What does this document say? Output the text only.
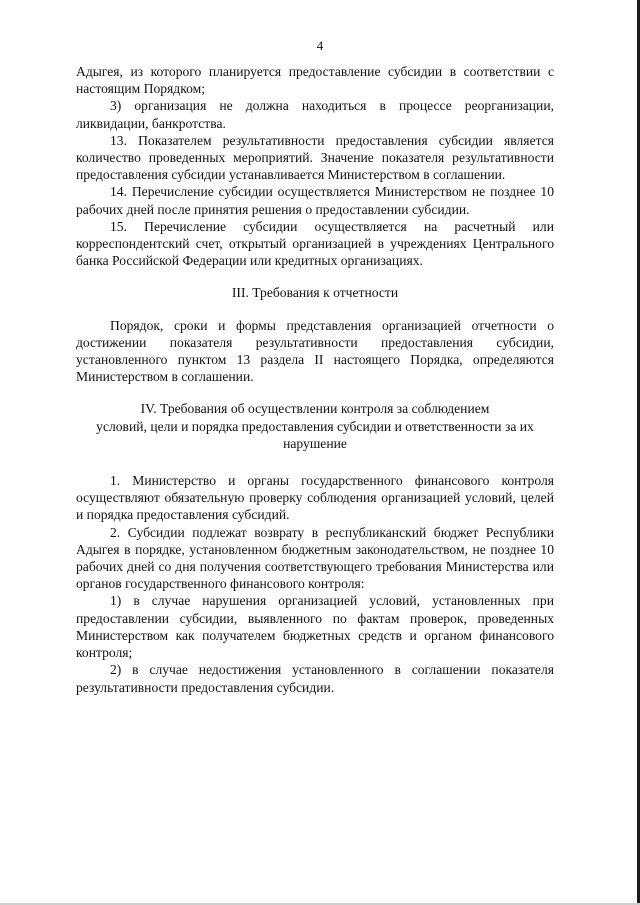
4

Адыгея, из которого планируется предоставление субсидии в соответствии с настоящим Порядком;

3) организация не должна находиться в процессе реорганизации, ликвидации, банкротства.

13. Показателем результативности предоставления субсидии является количество проведенных мероприятий. Значение показателя результативности предоставления субсидии устанавливается Министерством в соглашении.

14. Перечисление субсидии осуществляется Министерством не позднее 10 рабочих дней после принятия решения о предоставлении субсидии.

15. Перечисление субсидии осуществляется на расчетный или корреспондентский счет, открытый организацией в учреждениях Центрального банка Российской Федерации или кредитных организациях.

III. Требования к отчетности

Порядок, сроки и формы представления организацией отчетности о достижении показателя результативности предоставления субсидии, установленного пунктом 13 раздела II настоящего Порядка, определяются Министерством в соглашении.

IV. Требования об осуществлении контроля за соблюдением
условий, цели и порядка предоставления субсидии и ответственности за их
нарушение

1. Министерство и органы государственного финансового контроля осуществляют обязательную проверку соблюдения организацией условий, целей и порядка предоставления субсидий.

2. Субсидии подлежат возврату в республиканский бюджет Республики Адыгея в порядке, установленном бюджетным законодательством, не позднее 10 рабочих дней со дня получения соответствующего требования Министерства или органов государственного финансового контроля:

1) в случае нарушения организацией условий, установленных при предоставлении субсидии, выявленного по фактам проверок, проведенных Министерством как получателем бюджетных средств и органом финансового контроля;

2) в случае недостижения установленного в соглашении показателя результативности предоставления субсидии.
